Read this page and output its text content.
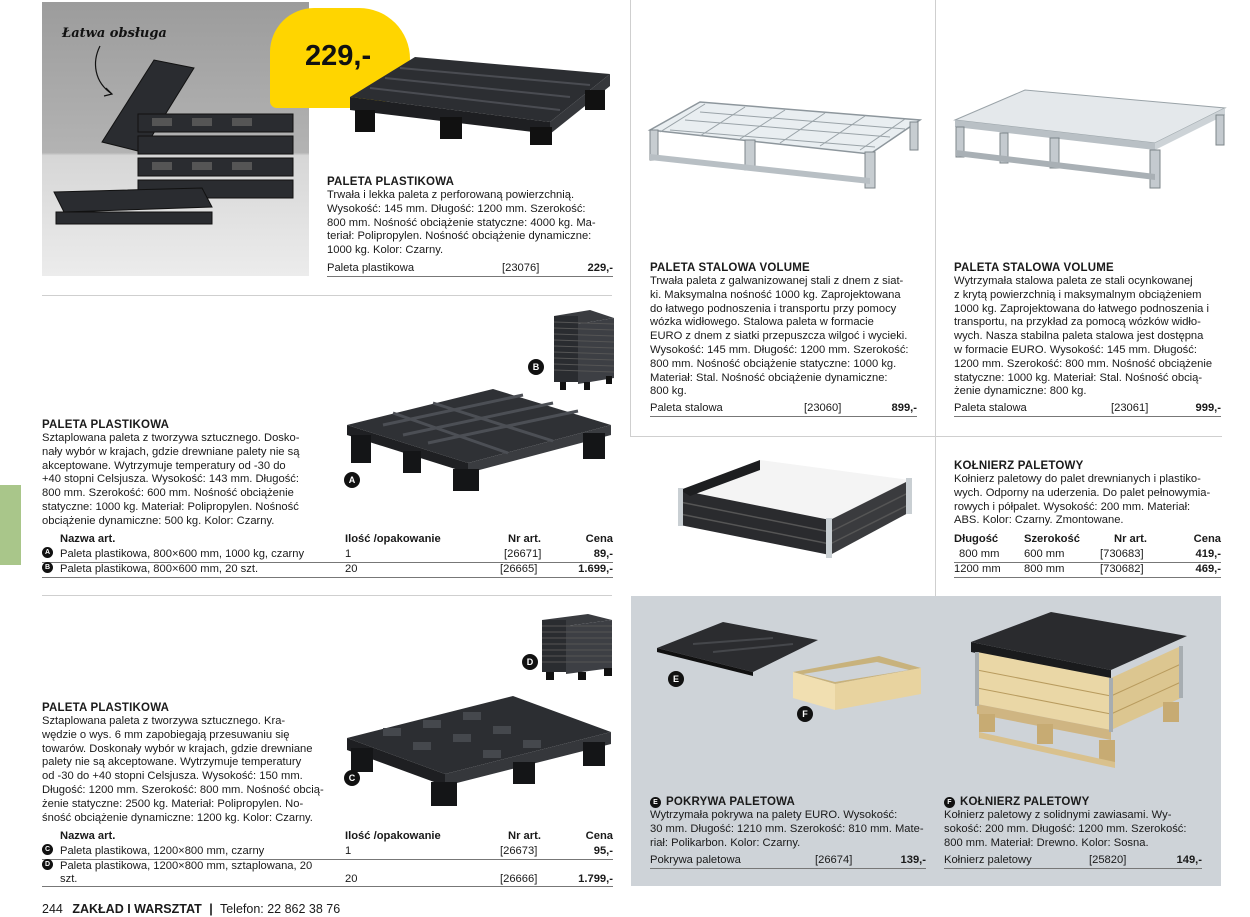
Łatwa obsługa
229,-
PALETA PLASTIKOWA
Trwała i lekka paleta z perforowaną powierzchnią.
Wysokość: 145 mm. Długość: 1200 mm. Szerokość:
800 mm. Nośność obciążenie statyczne: 4000 kg. Ma-
teriał: Polipropylen. Nośność obciążenie dynamiczne:
1000 kg. Kolor: Czarny.
Paleta plastikowa	[23076]	229,-	PALETA STALOWA VOLUME
Trwała paleta z galwanizowanej stali z dnem z siat-
ki. Maksymalna nośność 1000 kg. Zaprojektowana
do łatwego podnoszenia i transportu przy pomocy
wózka widłowego. Stalowa paleta w formacie
EURO z dnem z siatki przepuszcza wilgoć i wycieki.
Wysokość: 145 mm. Długość: 1200 mm. Szerokość:
800 mm. Nośność obciążenie statyczne: 1000 kg.
Materiał: Stal. Nośność obciążenie dynamiczne:
800 kg.
Paleta stalowa	[23060]	899,-
PALETA STALOWA VOLUME
Wytrzymała stalowa paleta ze stali ocynkowanej
z krytą powierzchnią i maksymalnym obciążeniem
1000 kg. Zaprojektowana do łatwego podnoszenia i
transportu, na przykład za pomocą wózków widło-
wych. Nasza stabilna paleta stalowa jest dostępna
w formacie EURO. Wysokość: 145 mm. Długość:
1200 mm. Szerokość: 800 mm. Nośność obciążenie
statyczne: 1000 kg. Materiał: Stal. Nośność obcią-
żenie dynamiczne: 800 kg.
Paleta stalowa	[23061]	999,-
B
A
PALETA PLASTIKOWA
Sztaplowana paleta z tworzywa sztucznego. Dosko-
nały wybór w krajach, gdzie drewniane palety nie są
akceptowane. Wytrzymuje temperatury od -30 do
+40 stopni Celsjusza. Wysokość: 143 mm. Długość:
800 mm. Szerokość: 600 mm. Nośność obciążenie
statyczne: 1000 kg. Materiał: Polipropylen. Nośność
obciążenie dynamiczne: 500 kg. Kolor: Czarny.
Nazwa art.	Ilość /opakowanie	Nr art.	Cena
A Paleta plastikowa, 800×600 mm, 1000 kg, czarny	1	[26671]	89,-
B Paleta plastikowa, 800×600 mm, 20 szt.	20	[26665]	1.699,-
KOŁNIERZ PALETOWY
Kołnierz paletowy do palet drewnianych i plastiko-
wych. Odporny na uderzenia. Do palet pełnowymia-
rowych i półpalet. Wysokość: 200 mm. Materiał:
ABS. Kolor: Czarny. Zmontowane.
Długość Szerokość	Nr art.	Cena
800 mm 600 mm	[730683]	419,-
1200 mm 800 mm	[730682]	469,-
D
C
PALETA PLASTIKOWA
Sztaplowana paleta z tworzywa sztucznego. Kra-
wędzie o wys. 6 mm zapobiegają przesuwaniu się
towarów. Doskonały wybór w krajach, gdzie drewniane
palety nie są akceptowane. Wytrzymuje temperatury
od -30 do +40 stopni Celsjusza. Wysokość: 150 mm.
Długość: 1200 mm. Szerokość: 800 mm. Nośność obcią-
żenie statyczne: 2500 kg. Materiał: Polipropylen. No-
śność obciążenie dynamiczne: 1200 kg. Kolor: Czarny.
Nazwa art.	Ilość /opakowanie	Nr art.	Cena
C Paleta plastikowa, 1200×800 mm, czarny	1	[26673]	95,-
D Paleta plastikowa, 1200×800 mm, sztaplowana, 20
szt.	20	[26666]	1.799,-
E
F
E POKRYWA PALETOWA
Wytrzymała pokrywa na palety EURO. Wysokość:
30 mm. Długość: 1210 mm. Szerokość: 810 mm. Mate-
riał: Polikarbon. Kolor: Czarny.
Pokrywa paletowa	[26674]	139,-
F KOŁNIERZ PALETOWY
Kołnierz paletowy z solidnymi zawiasami. Wy-
sokość: 200 mm. Długość: 1200 mm. Szerokość:
800 mm. Materiał: Drewno. Kolor: Sosna.
Kołnierz paletowy	[25820]	149,-
244 ZAKŁAD I WARSZTAT | Telefon: 22 862 38 76
